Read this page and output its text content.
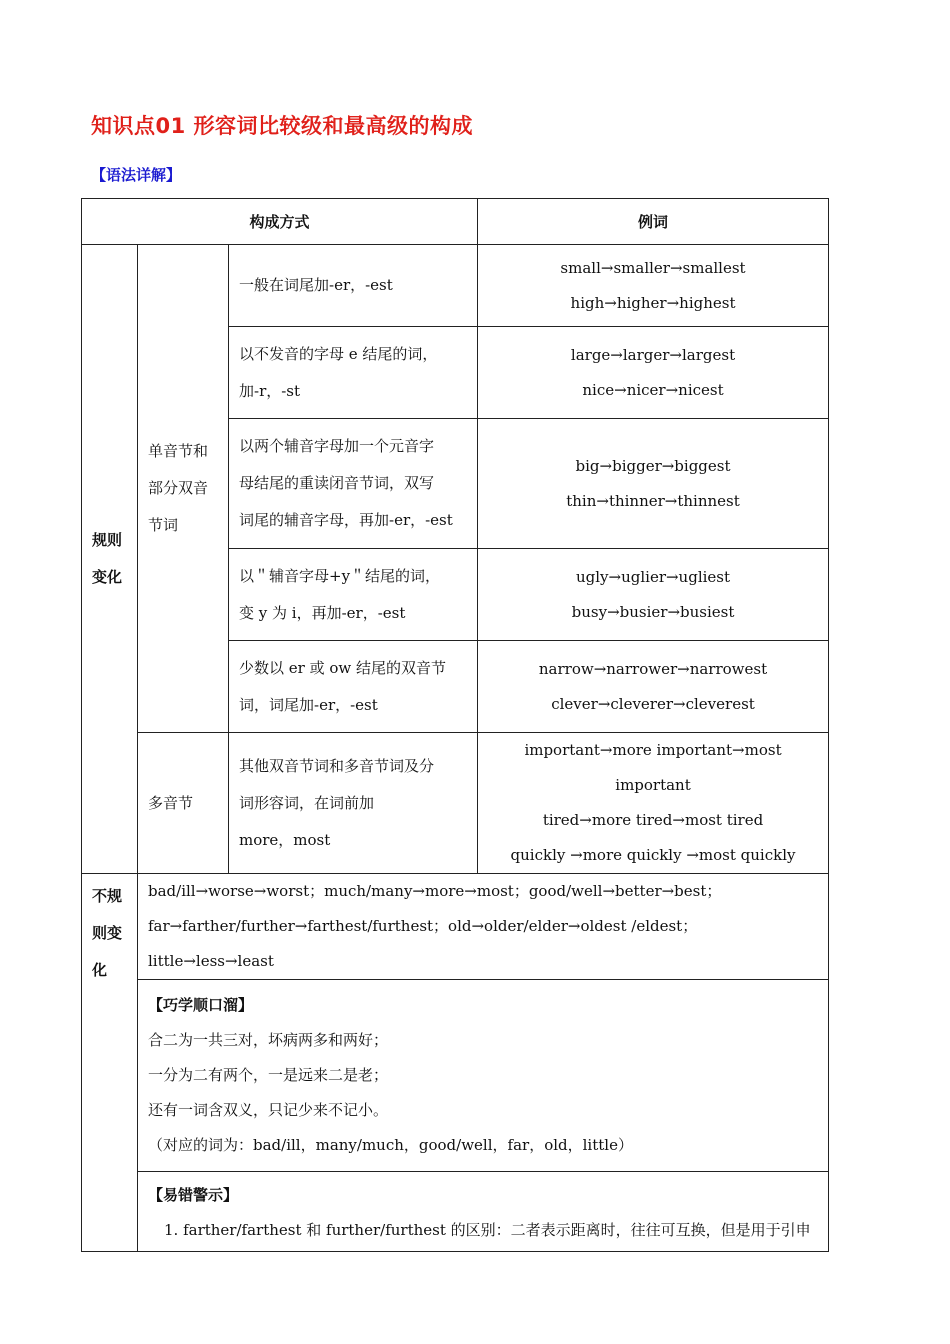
知识点01 形容词比较级和最高级的构成
【语法详解】
构成方式			例词

规则
变化	单音节和
部分双音
节词	一般在词尾加-er，-est	small→smaller→smallest
high→higher→highest

		以不发音的字母 e 结尾的词，
加-r，-st	large→larger→largest
nice→nicer→nicest

		以两个辅音字母加一个元音字
母结尾的重读闭音节词，双写
词尾的辅音字母，再加-er，-est	big→bigger→biggest
thin→thinner→thinnest

		以＂辅音字母+y＂结尾的词，
变 y 为 i，再加-er，-est	ugly→uglier→ugliest
busy→busier→busiest

		少数以 er 或 ow 结尾的双音节
词，词尾加-er，-est	narrow→narrower→narrowest
clever→cleverer→cleverest

	多音节	其他双音节词和多音节词及分
词形容词，在词前加
more，most	important→more important→most important
tired→more tired→most tired
quickly →more quickly →most quickly

不规
则变
化	bad/ill→worse→worst；much/many→more→most；good/well→better→best；
far→farther/further→farthest/furthest；old→older/elder→oldest /eldest；little→less→least		

	【巧学顺口溜】
合二为一共三对，坏病两多和两好；
一分为二有两个，一是远来二是老；
还有一词含双义，只记少来不记小。
（对应的词为：bad/ill，many/much，good/well，far，old，little）		

	【易错警示】
1. farther/farthest 和 further/furthest 的区别：二者表示距离时，往往可互换，但是用于引申		
